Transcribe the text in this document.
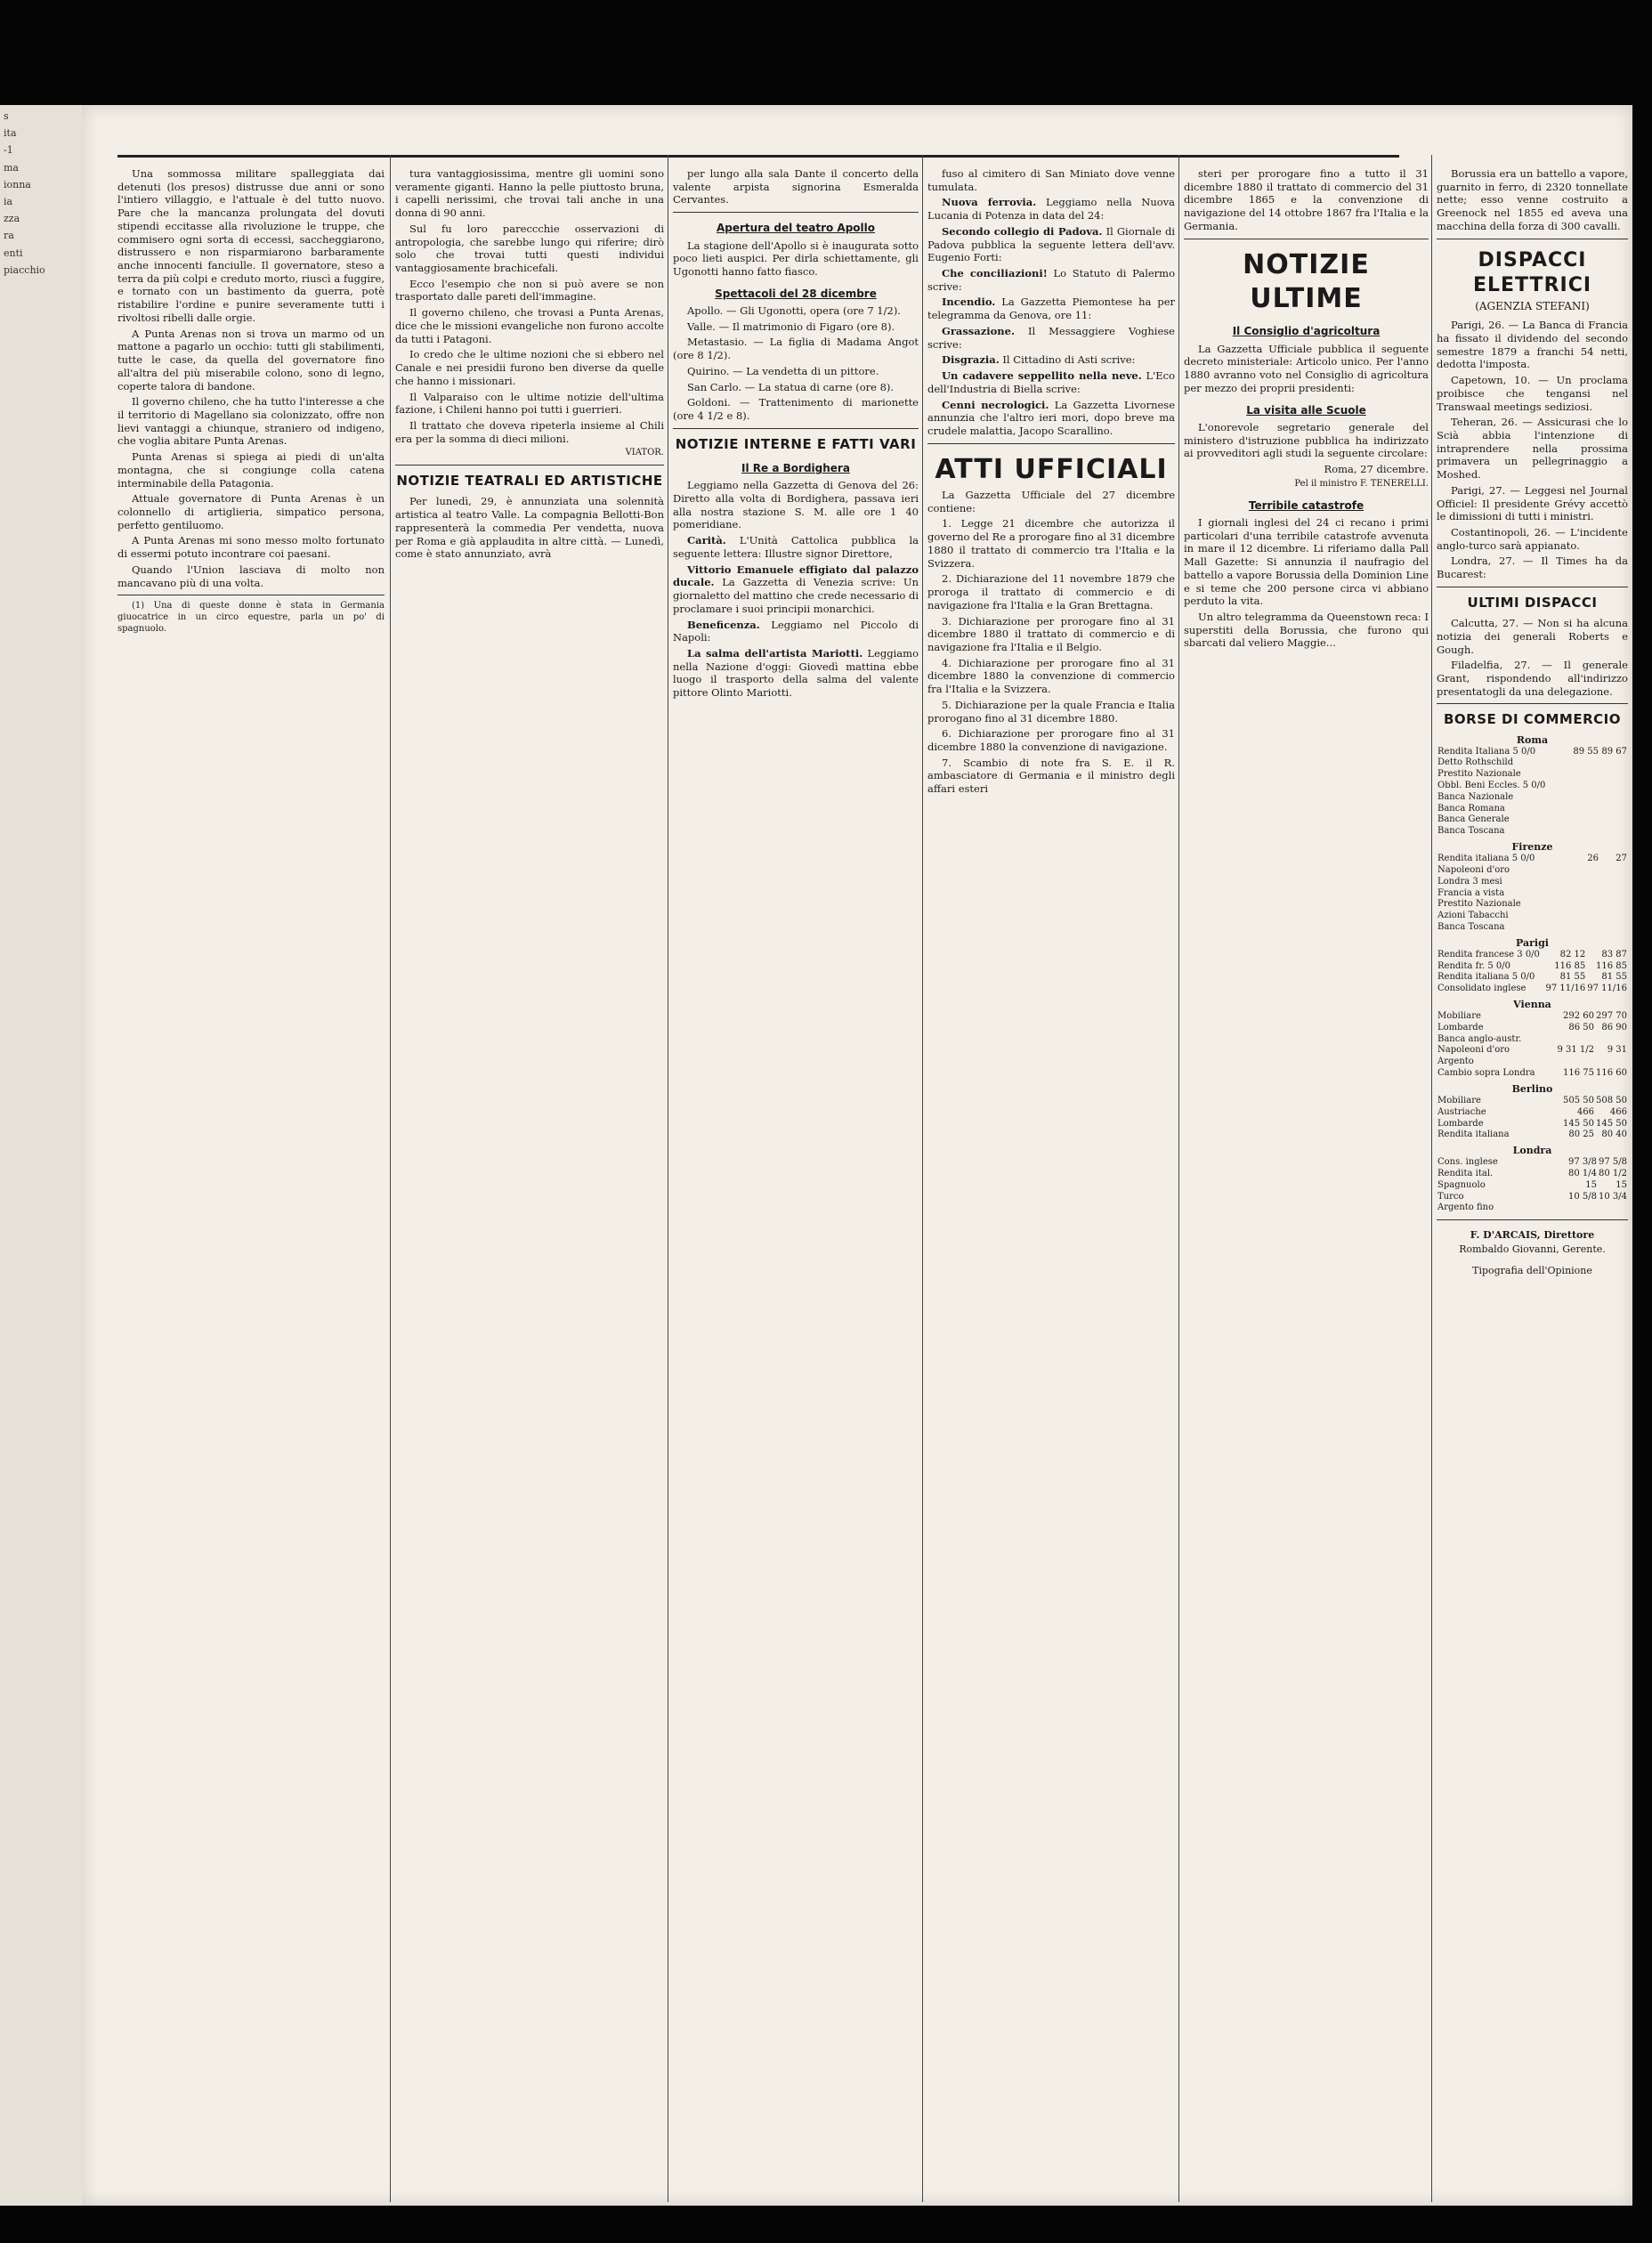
s
ita
-1
ma
ionna
ia
zza
ra
enti
piacchio

Una sommossa militare spalleggiata dai detenuti (los presos) distrusse due anni or sono l'intiero villaggio, e l'attuale è del tutto nuovo. Pare che la mancanza prolungata del dovuti stipendi eccitasse alla rivoluzione le truppe, che commisero ogni sorta di eccessi, saccheggiarono, distrussero e non risparmiarono barbaramente anche innocenti fanciulle. Il governatore, steso a terra da più colpi e creduto morto, riuscì a fuggire, e tornato con un bastimento da guerra, potè ristabilire l'ordine e punire severamente tutti i rivoltosi ribelli dalle orgie.

A Punta Arenas non si trova un marmo od un mattone a pagarlo un occhio: tutti gli stabilimenti, tutte le case, da quella del governatore fino all'altra del più miserabile colono, sono di legno, coperte talora di bandone.

Il governo chileno, che ha tutto l'interesse a che il territorio di Magellano sia colonizzato, offre non lievi vantaggi a chiunque, straniero od indigeno, che voglia abitare Punta Arenas.

Punta Arenas si spiega ai piedi di un'alta montagna, che si congiunge colla catena interminabile della Patagonia.

Attuale governatore di Punta Arenas è un colonnello di artiglieria, simpatico persona, perfetto gentiluomo.

A Punta Arenas mi sono messo molto fortunato di essermi potuto incontrare coi paesani.

Quando l'Union lasciava di molto non mancavano più di una volta.

(1) Una di queste donne è stata in Germania giuocatrice in un circo equestre, parla un po' di spagnuolo.

tura vantaggiosissima, mentre gli uomini sono veramente giganti. Hanno la pelle piuttosto bruna, i capelli nerissimi, che trovai tali anche in una donna di 90 anni.

Sul fu loro pareccchie osservazioni di antropologia, che sarebbe lungo qui riferire; dirò solo che trovai tutti questi individui vantaggiosamente brachicefali.

Ecco l'esempio che non si può avere se non trasportato dalle pareti dell'immagine.

Il governo chileno, che trovasi a Punta Arenas, dice che le missioni evangeliche non furono accolte da tutti i Patagoni.

Io credo che le ultime nozioni che si ebbero nel Canale e nei presidii furono ben diverse da quelle che hanno i missionari.

Il Valparaiso con le ultime notizie dell'ultima fazione, i Chileni hanno poi tutti i guerrieri.

Il trattato che doveva ripeterla insieme al Chili era per la somma di dieci milioni.

VIATOR.
NOTIZIE TEATRALI ED ARTISTICHE

Per lunedì, 29, è annunziata una solennità artistica al teatro Valle. La compagnia Bellotti-Bon rappresenterà la commedia Per vendetta, nuova per Roma e già applaudita in altre città. — Lunedì, come è stato annunziato, avrà

per lungo alla sala Dante il concerto della valente arpista signorina Esmeralda Cervantes.

Apertura del teatro Apollo

La stagione dell'Apollo si è inaugurata sotto poco lieti auspici. Per dirla schiettamente, gli Ugonotti hanno fatto fiasco.

Spettacoli del 28 dicembre

Apollo. — Gli Ugonotti, opera (ore 7 1/2).

Valle. — Il matrimonio di Figaro (ore 8).

Metastasio. — La figlia di Madama Angot (ore 8 1/2).

Quirino. — La vendetta di un pittore.

San Carlo. — La statua di carne (ore 8).

Goldoni. — Trattenimento di marionette (ore 4 1/2 e 8).

NOTIZIE INTERNE E FATTI VARI
Il Re a Bordighera

Leggiamo nella Gazzetta di Genova del 26: Diretto alla volta di Bordighera, passava ieri alla nostra stazione S. M. alle ore 1 40 pomeridiane.

Carità. L'Unità Cattolica pubblica la seguente lettera: Illustre signor Direttore,

Vittorio Emanuele effigiato dal palazzo ducale. La Gazzetta di Venezia scrive: Un giornaletto del mattino che crede necessario di proclamare i suoi principii monarchici.

Beneficenza. Leggiamo nel Piccolo di Napoli:

La salma dell'artista Mariotti. Leggiamo nella Nazione d'oggi: Giovedì mattina ebbe luogo il trasporto della salma del valente pittore Olinto Mariotti.

fuso al cimitero di San Miniato dove venne tumulata.

Nuova ferrovia. Leggiamo nella Nuova Lucania di Potenza in data del 24:

Secondo collegio di Padova. Il Giornale di Padova pubblica la seguente lettera dell'avv. Eugenio Forti:

Che conciliazioni! Lo Statuto di Palermo scrive:

Incendio. La Gazzetta Piemontese ha per telegramma da Genova, ore 11:

Grassazione. Il Messaggiere Voghiese scrive:

Disgrazia. Il Cittadino di Asti scrive:

Un cadavere seppellito nella neve. L'Eco dell'Industria di Biella scrive:

Cenni necrologici. La Gazzetta Livornese annunzia che l'altro ieri mori, dopo breve ma crudele malattia, Jacopo Scarallino.

ATTI UFFICIALI

La Gazzetta Ufficiale del 27 dicembre contiene:

1. Legge 21 dicembre che autorizza il governo del Re a prorogare fino al 31 dicembre 1880 il trattato di commercio tra l'Italia e la Svizzera.

2. Dichiarazione del 11 novembre 1879 che proroga il trattato di commercio e di navigazione fra l'Italia e la Gran Brettagna.

3. Dichiarazione per prorogare fino al 31 dicembre 1880 il trattato di commercio e di navigazione fra l'Italia e il Belgio.

4. Dichiarazione per prorogare fino al 31 dicembre 1880 la convenzione di commercio fra l'Italia e la Svizzera.

5. Dichiarazione per la quale Francia e Italia prorogano fino al 31 dicembre 1880.

6. Dichiarazione per prorogare fino al 31 dicembre 1880 la convenzione di navigazione.

7. Scambio di note fra S. E. il R. ambasciatore di Germania e il ministro degli affari esteri

steri per prorogare fino a tutto il 31 dicembre 1880 il trattato di commercio del 31 dicembre 1865 e la convenzione di navigazione del 14 ottobre 1867 fra l'Italia e la Germania.

NOTIZIE ULTIME
Il Consiglio d'agricoltura

La Gazzetta Ufficiale pubblica il seguente decreto ministeriale: Articolo unico. Per l'anno 1880 avranno voto nel Consiglio di agricoltura per mezzo dei proprii presidenti:

La visita alle Scuole

L'onorevole segretario generale del ministero d'istruzione pubblica ha indirizzato ai provveditori agli studi la seguente circolare:

Roma, 27 dicembre.

Pel il ministro F. TENERELLI.

Terribile catastrofe

I giornali inglesi del 24 ci recano i primi particolari d'una terribile catastrofe avvenuta in mare il 12 dicembre. Li riferiamo dalla Pall Mall Gazette: Si annunzia il naufragio del battello a vapore Borussia della Dominion Line e si teme che 200 persone circa vi abbiano perduto la vita.

Un altro telegramma da Queenstown reca: I superstiti della Borussia, che furono qui sbarcati dal veliero Maggie...

Borussia era un battello a vapore, guarnito in ferro, di 2320 tonnellate nette; esso venne costruito a Greenock nel 1855 ed aveva una macchina della forza di 300 cavalli.

DISPACCI ELETTRICI
(AGENZIA STEFANI)

Parigi, 26. — La Banca di Francia ha fissato il dividendo del secondo semestre 1879 a franchi 54 netti, dedotta l'imposta.

Capetown, 10. — Un proclama proibisce che tengansi nel Transwaal meetings sediziosi.

Teheran, 26. — Assicurasi che lo Scià abbia l'intenzione di intraprendere nella prossima primavera un pellegrinaggio a Moshed.

Parigi, 27. — Leggesi nel Journal Officiel: Il presidente Grévy accettò le dimissioni di tutti i ministri.

Costantinopoli, 26. — L'incidente anglo-turco sarà appianato.

Londra, 27. — Il Times ha da Bucarest:

ULTIMI DISPACCI

Calcutta, 27. — Non si ha alcuna notizia dei generali Roberts e Gough.

Filadelfia, 27. — Il generale Grant, rispondendo all'indirizzo presentatogli da una delegazione.

BORSE DI COMMERCIO
Roma
Rendita Italiana 5 0/0	89 55	89 67
Detto Rothschild		
Prestito Nazionale		
Obbl. Beni Eccles. 5 0/0		
Banca Nazionale		
Banca Romana		
Banca Generale		
Banca Toscana		
Firenze
Rendita italiana 5 0/0	26	27
Napoleoni d'oro		
Londra 3 mesi		
Francia a vista		
Prestito Nazionale		
Azioni Tabacchi		
Banca Toscana		
Parigi
Rendita francese 3 0/0	82 12	83 87
Rendita fr. 5 0/0	116 85	116 85
Rendita italiana 5 0/0	81 55	81 55
Consolidato inglese	97 11/16	97 11/16
Vienna
Mobiliare	292 60	297 70
Lombarde	86 50	86 90
Banca anglo-austr.		
Napoleoni d'oro	9 31 1/2	9 31
Argento		
Cambio sopra Londra	116 75	116 60
Berlino
Mobiliare	505 50	508 50
Austriache	466	466
Lombarde	145 50	145 50
Rendita italiana	80 25	80 40
Londra
Cons. inglese	97 3/8	97 5/8
Rendita ital.	80 1/4	80 1/2
Spagnuolo	15	15
Turco	10 5/8	10 3/4
Argento fino		
F. D'ARCAIS, Direttore
Rombaldo Giovanni, Gerente.
Tipografia dell'Opinione
